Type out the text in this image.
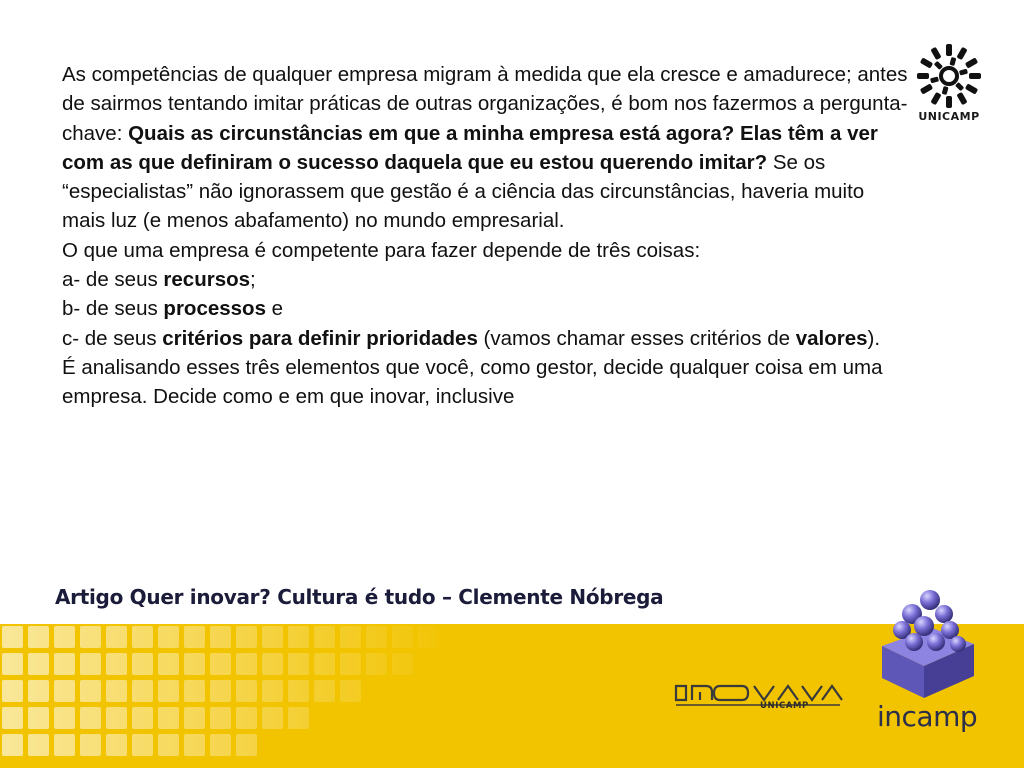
UNICAMP

As competências de qualquer empresa migram à medida que ela cresce e amadurece; antes de sairmos tentando imitar práticas de outras organizações, é bom nos fazermos a pergunta-chave: Quais as circunstâncias em que a minha empresa está agora? Elas têm a ver com as que definiram o sucesso daquela que eu estou querendo imitar? Se os “especialistas” não ignorassem que gestão é a ciência das circunstâncias, haveria muito mais luz (e menos abafamento) no mundo empresarial.

O que uma empresa é competente para fazer depende de três coisas:

a- de seus recursos;

b- de seus processos e

c- de seus critérios para definir prioridades (vamos chamar esses critérios de valores).

É analisando esses três elementos que você, como gestor, decide qualquer coisa em uma empresa. Decide como e em que inovar, inclusive

Artigo Quer inovar? Cultura é tudo – Clemente Nóbrega
UNICAMP incamp
